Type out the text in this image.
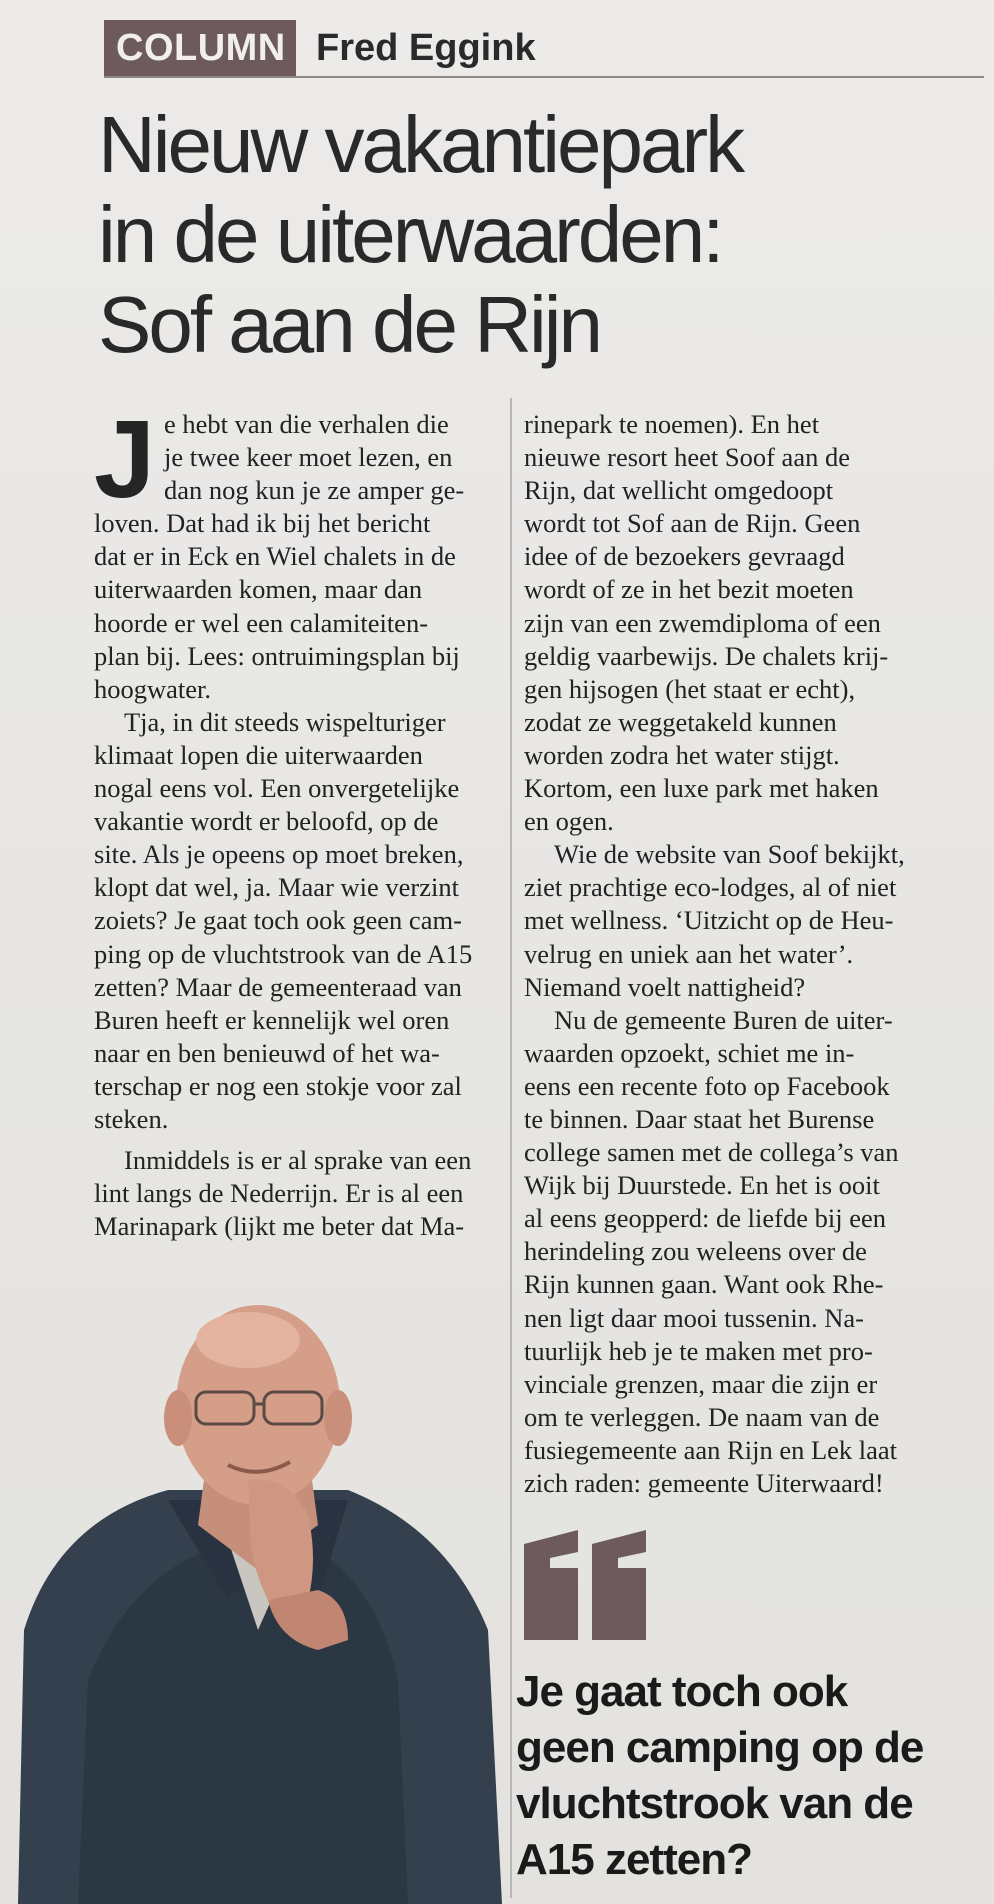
COLUMN Fred Eggink
Nieuw vakantiepark
in de uiterwaarden:
Sof aan de Rijn
J e hebt van die verhalen die
je twee keer moet lezen, en
dan nog kun je ze amper ge-
loven. Dat had ik bij het bericht
dat er in Eck en Wiel chalets in de
uiterwaarden komen, maar dan
hoorde er wel een calamiteiten-
plan bij. Lees: ontruimingsplan bij
hoogwater.
Tja, in dit steeds wispelturiger
klimaat lopen die uiterwaarden
nogal eens vol. Een onvergetelijke
vakantie wordt er beloofd, op de
site. Als je opeens op moet breken,
klopt dat wel, ja. Maar wie verzint
zoiets? Je gaat toch ook geen cam-
ping op de vluchtstrook van de A15
zetten? Maar de gemeenteraad van
Buren heeft er kennelijk wel oren
naar en ben benieuwd of het wa-
terschap er nog een stokje voor zal
steken.
Inmiddels is er al sprake van een
lint langs de Nederrijn. Er is al een
Marinapark (lijkt me beter dat Ma-
rinepark te noemen). En het
nieuwe resort heet Soof aan de
Rijn, dat wellicht omgedoopt
wordt tot Sof aan de Rijn. Geen
idee of de bezoekers gevraagd
wordt of ze in het bezit moeten
zijn van een zwemdiploma of een
geldig vaarbewijs. De chalets krij-
gen hijsogen (het staat er echt),
zodat ze weggetakeld kunnen
worden zodra het water stijgt.
Kortom, een luxe park met haken
en ogen.
Wie de website van Soof bekijkt,
ziet prachtige eco-lodges, al of niet
met wellness. ‘Uitzicht op de Heu-
velrug en uniek aan het water’.
Niemand voelt nattigheid?
Nu de gemeente Buren de uiter-
waarden opzoekt, schiet me in-
eens een recente foto op Facebook
te binnen. Daar staat het Burense
college samen met de collega’s van
Wijk bij Duurstede. En het is ooit
al eens geopperd: de liefde bij een
herindeling zou weleens over de
Rijn kunnen gaan. Want ook Rhe-
nen ligt daar mooi tussenin. Na-
tuurlijk heb je te maken met pro-
vinciale grenzen, maar die zijn er
om te verleggen. De naam van de
fusiegemeente aan Rijn en Lek laat
zich raden: gemeente Uiterwaard!
Je gaat toch ook
geen camping op de
vluchtstrook van de
A15 zetten?
